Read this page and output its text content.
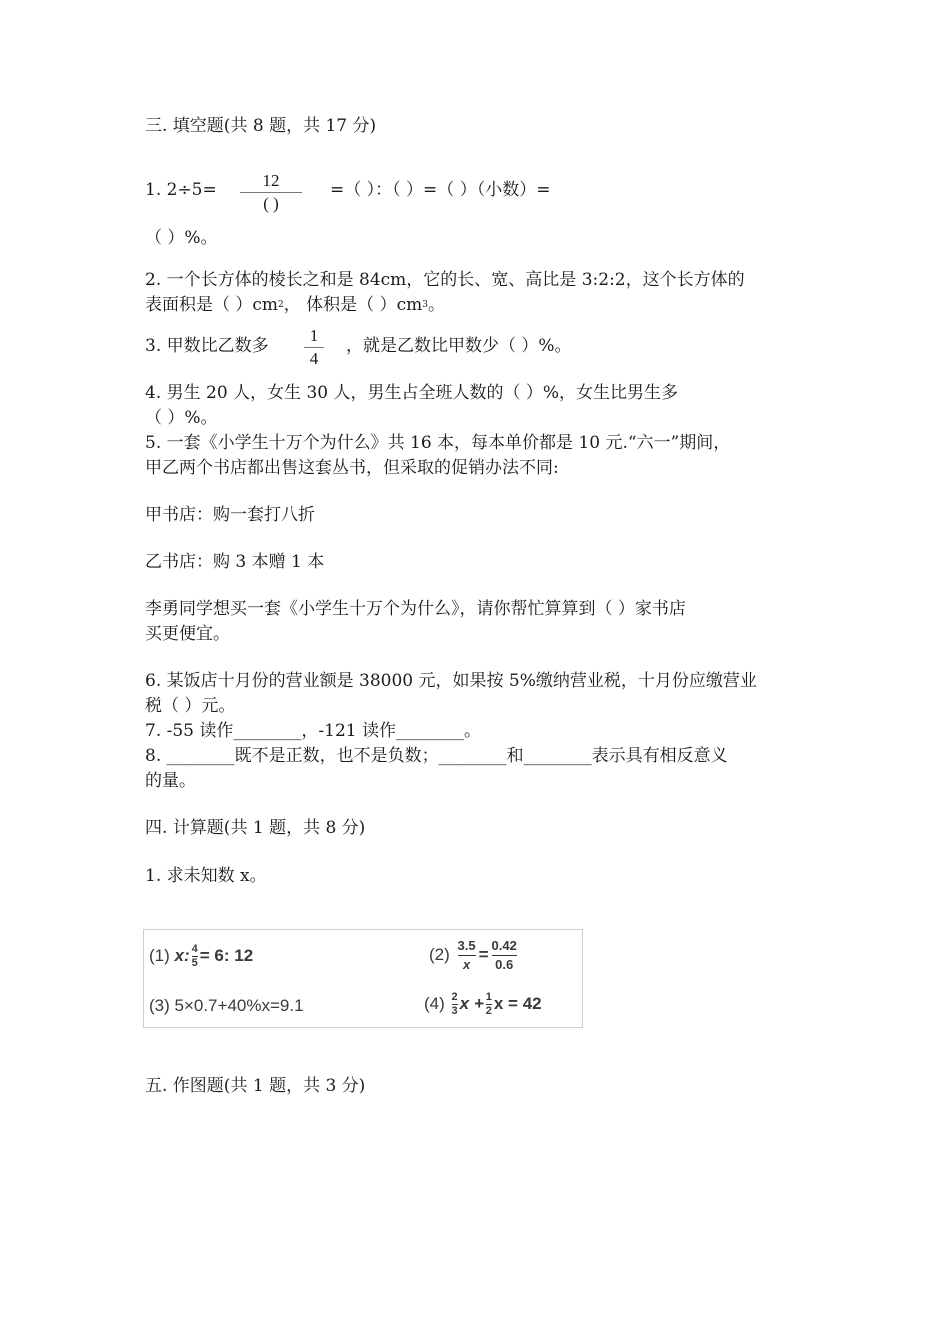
三. 填空题(共 8 题，共 17 分)
1. 2÷5=	12
( )
=（ ）：（ ）=（ ）（小数）=
（ ）%。
2. 一个长方体的棱长之和是 84cm，它的长、宽、高比是 3:2:2，这个长方体的
表面积是（ ）$cm^2$， 体积是（ ）$cm^3$。
3. 甲数比乙数多
1
4
，就是乙数比甲数少（ ）%。
4. 男生 20 人，女生 30 人，男生占全班人数的（ ）%，女生比男生多
（ ）%。
5. 一套《小学生十万个为什么》共 16 本，每本单价都是 10 元.“六一”期间，
甲乙两个书店都出售这套丛书，但采取的促销办法不同:
甲书店：购一套打八折
乙书店：购 3 本赠 1 本
李勇同学想买一套《小学生十万个为什么》，请你帮忙算算到（ ）家书店
买更便宜。
6. 某饭店十月份的营业额是 38000 元，如果按 5%缴纳营业税，十月份应缴营业
税（ ）元。
7. -55 读作________，-121 读作________。
8. ________既不是正数，也不是负数；________和________表示具有相反意义
的量。
四. 计算题(共 1 题，共 8 分)
1. 求未知数 x。
(1) x: $\frac{4}{5} = 6$: 12	$(2) \frac{3.5}{x} = \frac{0.42}{0.6}$
(3) 5×0.7+40%x=9.1	$(4) \frac{2}{3}$ $x + \frac{1}{2}$ x = 42
五. 作图题(共 1 题，共 3 分)
